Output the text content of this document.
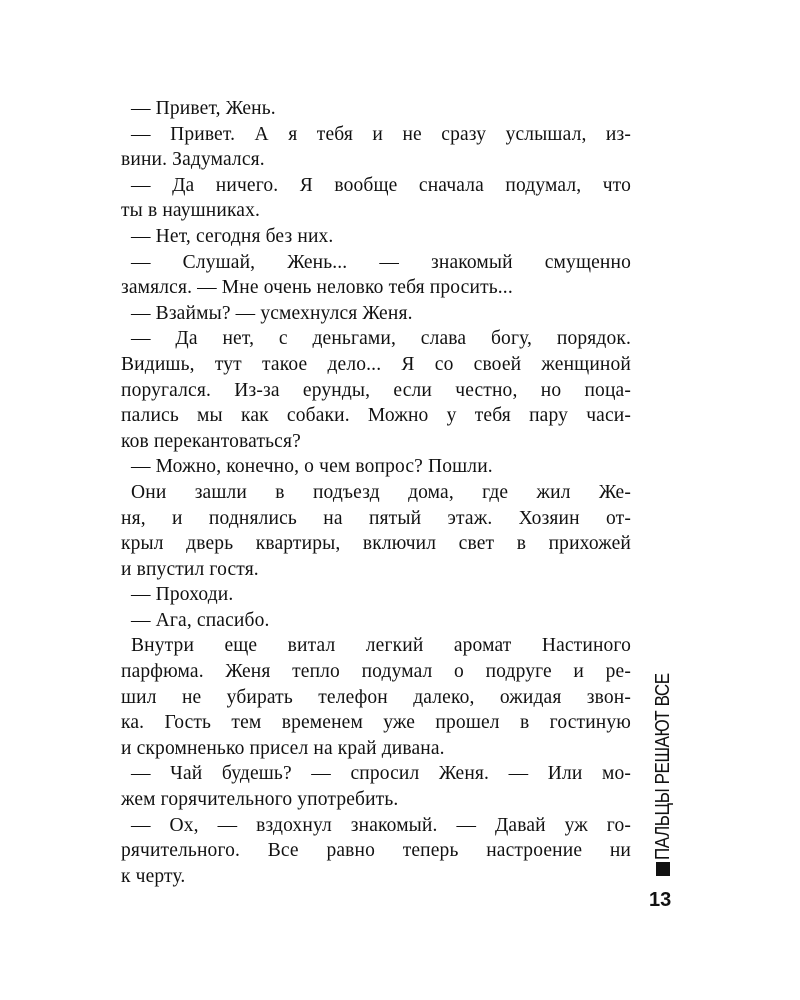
— Привет, Жень.
— Привет. А я тебя и не сразу услышал, из-
вини. Задумался.
— Да ничего. Я вообще сначала подумал, что
ты в наушниках.
— Нет, сегодня без них.
— Слушай, Жень... — знакомый смущенно
замялся. — Мне очень неловко тебя просить...
— Взаймы? — усмехнулся Женя.
— Да нет, с деньгами, слава богу, порядок.
Видишь, тут такое дело... Я со своей женщиной
поругался. Из-за ерунды, если честно, но поца-
пались мы как собаки. Можно у тебя пару часи-
ков перекантоваться?
— Можно, конечно, о чем вопрос? Пошли.
Они зашли в подъезд дома, где жил Же-
ня, и поднялись на пятый этаж. Хозяин от-
крыл дверь квартиры, включил свет в прихожей
и впустил гостя.
— Проходи.
— Ага, спасибо.
Внутри еще витал легкий аромат Настиного
парфюма. Женя тепло подумал о подруге и ре-
шил не убирать телефон далеко, ожидая звон-
ка. Гость тем временем уже прошел в гостиную
и скромненько присел на край дивана.
— Чай будешь? — спросил Женя. — Или мо-
жем горячительного употребить.
— Ох, — вздохнул знакомый. — Давай уж го-
рячительного. Все равно теперь настроение ни
к черту.
ПАЛЬЦЫ РЕШАЮТ ВСЕ
13
